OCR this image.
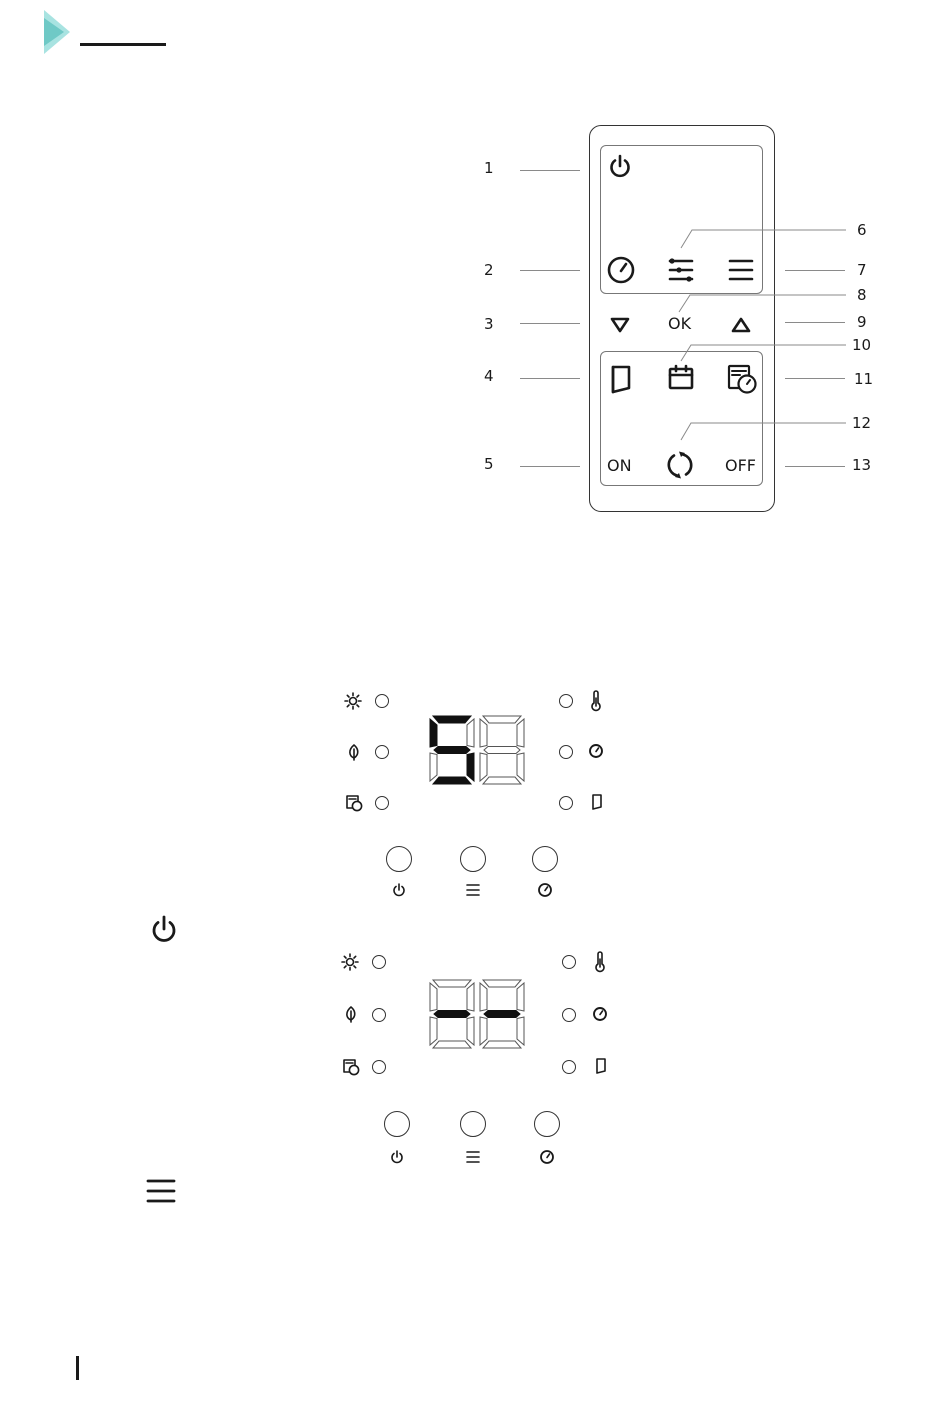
1
2
3
4
5
6
7
8
9
10
11
12
13
OK
ON	OFF
